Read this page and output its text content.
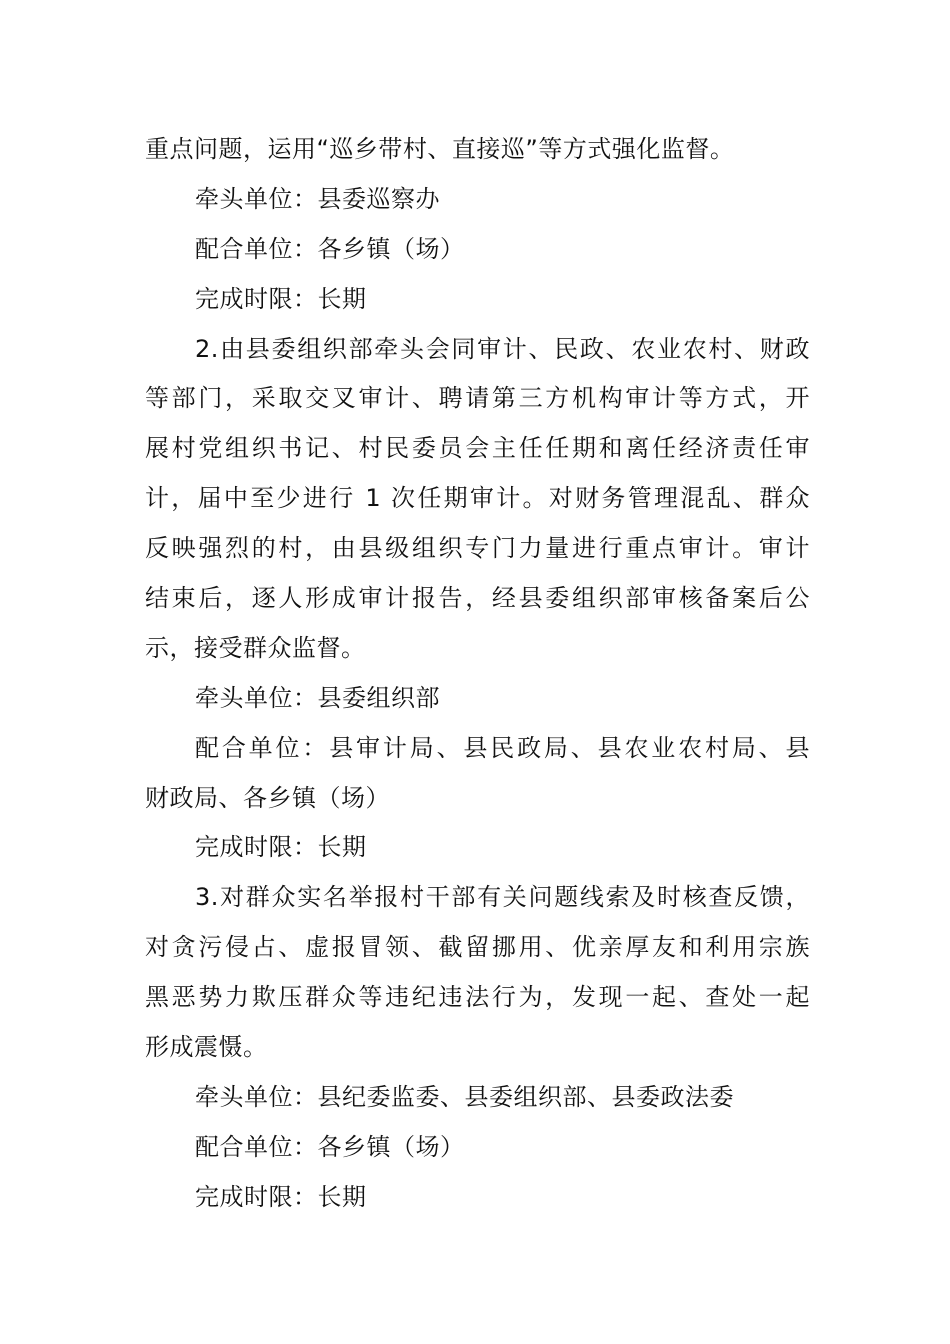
重点问题，运用“巡乡带村、直接巡”等方式强化监督。
牵头单位：县委巡察办
配合单位：各乡镇（场）
完成时限：长期
2.由县委组织部牵头会同审计、民政、农业农村、财政
等部门，采取交叉审计、聘请第三方机构审计等方式，开
展村党组织书记、村民委员会主任任期和离任经济责任审
计，届中至少进行 1 次任期审计。对财务管理混乱、群众
反映强烈的村，由县级组织专门力量进行重点审计。审计
结束后，逐人形成审计报告，经县委组织部审核备案后公
示，接受群众监督。
牵头单位：县委组织部
配合单位：县审计局、县民政局、县农业农村局、县
财政局、各乡镇（场）
完成时限：长期
3.对群众实名举报村干部有关问题线索及时核查反馈，
对贪污侵占、虚报冒领、截留挪用、优亲厚友和利用宗族
黑恶势力欺压群众等违纪违法行为，发现一起、查处一起
形成震慑。
牵头单位：县纪委监委、县委组织部、县委政法委
配合单位：各乡镇（场）
完成时限：长期
